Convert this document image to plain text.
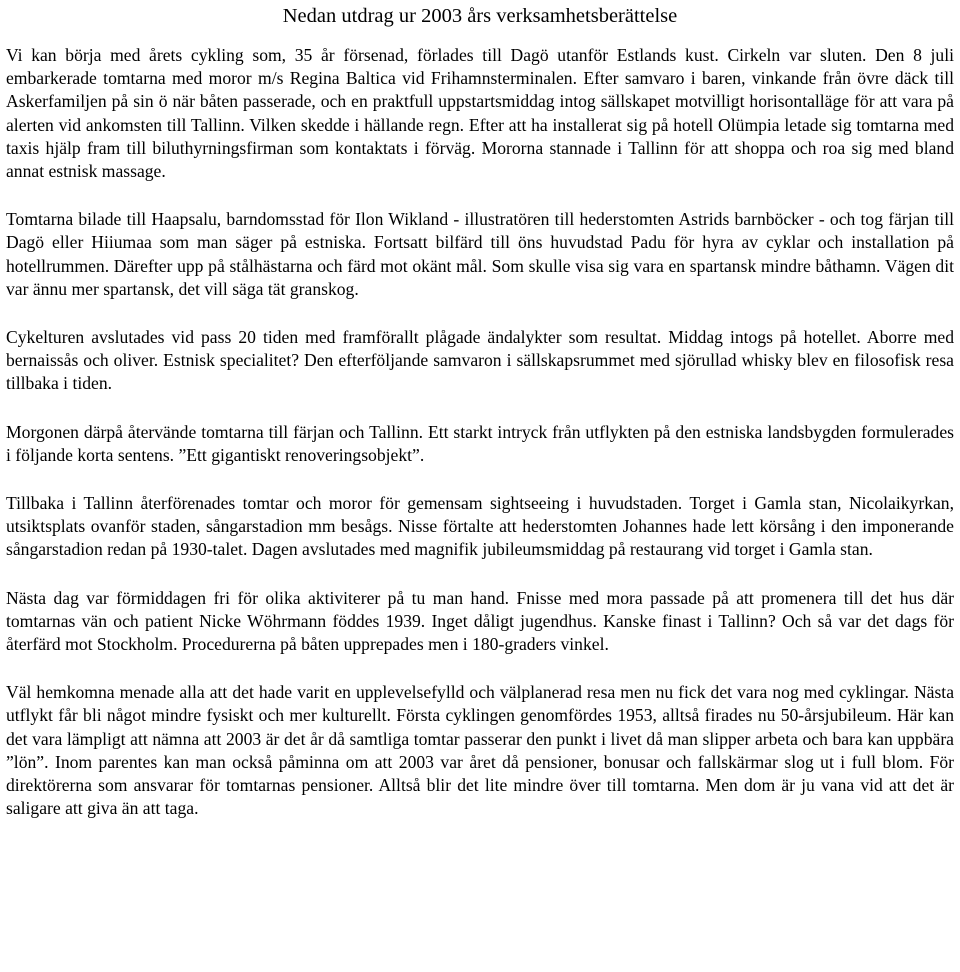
Nedan utdrag ur 2003 års verksamhetsberättelse

Vi kan börja med årets cykling som, 35 år försenad, förlades till Dagö utanför Estlands kust. Cirkeln var sluten. Den 8 juli embarkerade tomtarna med moror m/s Regina Baltica vid Frihamnsterminalen. Efter samvaro i baren, vinkande från övre däck till Askerfamiljen på sin ö när båten passerade, och en praktfull uppstartsmiddag intog sällskapet motvilligt horisontalläge för att vara på alerten vid ankomsten till Tallinn. Vilken skedde i hällande regn. Efter att ha installerat sig på hotell Olümpia letade sig tomtarna med taxis hjälp fram till biluthyrningsfirman som kontaktats i förväg. Mororna stannade i Tallinn för att shoppa och roa sig med bland annat estnisk massage.

Tomtarna bilade till Haapsalu, barndomsstad för Ilon Wikland - illustratören till hederstomten Astrids barnböcker - och tog färjan till Dagö eller Hiiumaa som man säger på estniska. Fortsatt bilfärd till öns huvudstad Padu för hyra av cyklar och installation på hotellrummen. Därefter upp på stålhästarna och färd mot okänt mål. Som skulle visa sig vara en spartansk mindre båthamn. Vägen dit var ännu mer spartansk, det vill säga tät granskog.

Cykelturen avslutades vid pass 20 tiden med framförallt plågade ändalykter som resultat. Middag intogs på hotellet. Aborre med bernaissås och oliver. Estnisk specialitet? Den efterföljande samvaron i sällskapsrummet med sjörullad whisky blev en filosofisk resa tillbaka i tiden.

Morgonen därpå återvände tomtarna till färjan och Tallinn. Ett starkt intryck från utflykten på den estniska landsbygden formulerades i följande korta sentens. ”Ett gigantiskt renoveringsobjekt”.

Tillbaka i Tallinn återförenades tomtar och moror för gemensam sightseeing i huvudstaden. Torget i Gamla stan, Nicolaikyrkan, utsiktsplats ovanför staden, sångarstadion mm besågs. Nisse förtalte att hederstomten Johannes hade lett körsång i den imponerande sångarstadion redan på 1930-talet. Dagen avslutades med magnifik jubileumsmiddag på restaurang vid torget i Gamla stan.

Nästa dag var förmiddagen fri för olika aktiviterer på tu man hand. Fnisse med mora passade på att promenera till det hus där tomtarnas vän och patient Nicke Wöhrmann föddes 1939. Inget dåligt jugendhus. Kanske finast i Tallinn? Och så var det dags för återfärd mot Stockholm. Procedurerna på båten upprepades men i 180-graders vinkel.

Väl hemkomna menade alla att det hade varit en upplevelsefylld och välplanerad resa men nu fick det vara nog med cyklingar. Nästa utflykt får bli något mindre fysiskt och mer kulturellt. Första cyklingen genomfördes 1953, alltså firades nu 50-årsjubileum. Här kan det vara lämpligt att nämna att 2003 är det år då samtliga tomtar passerar den punkt i livet då man slipper arbeta och bara kan uppbära ”lön”. Inom parentes kan man också påminna om att 2003 var året då pensioner, bonusar och fallskärmar slog ut i full blom. För direktörerna som ansvarar för tomtarnas pensioner. Alltså blir det lite mindre över till tomtarna. Men dom är ju vana vid att det är saligare att giva än att taga.
